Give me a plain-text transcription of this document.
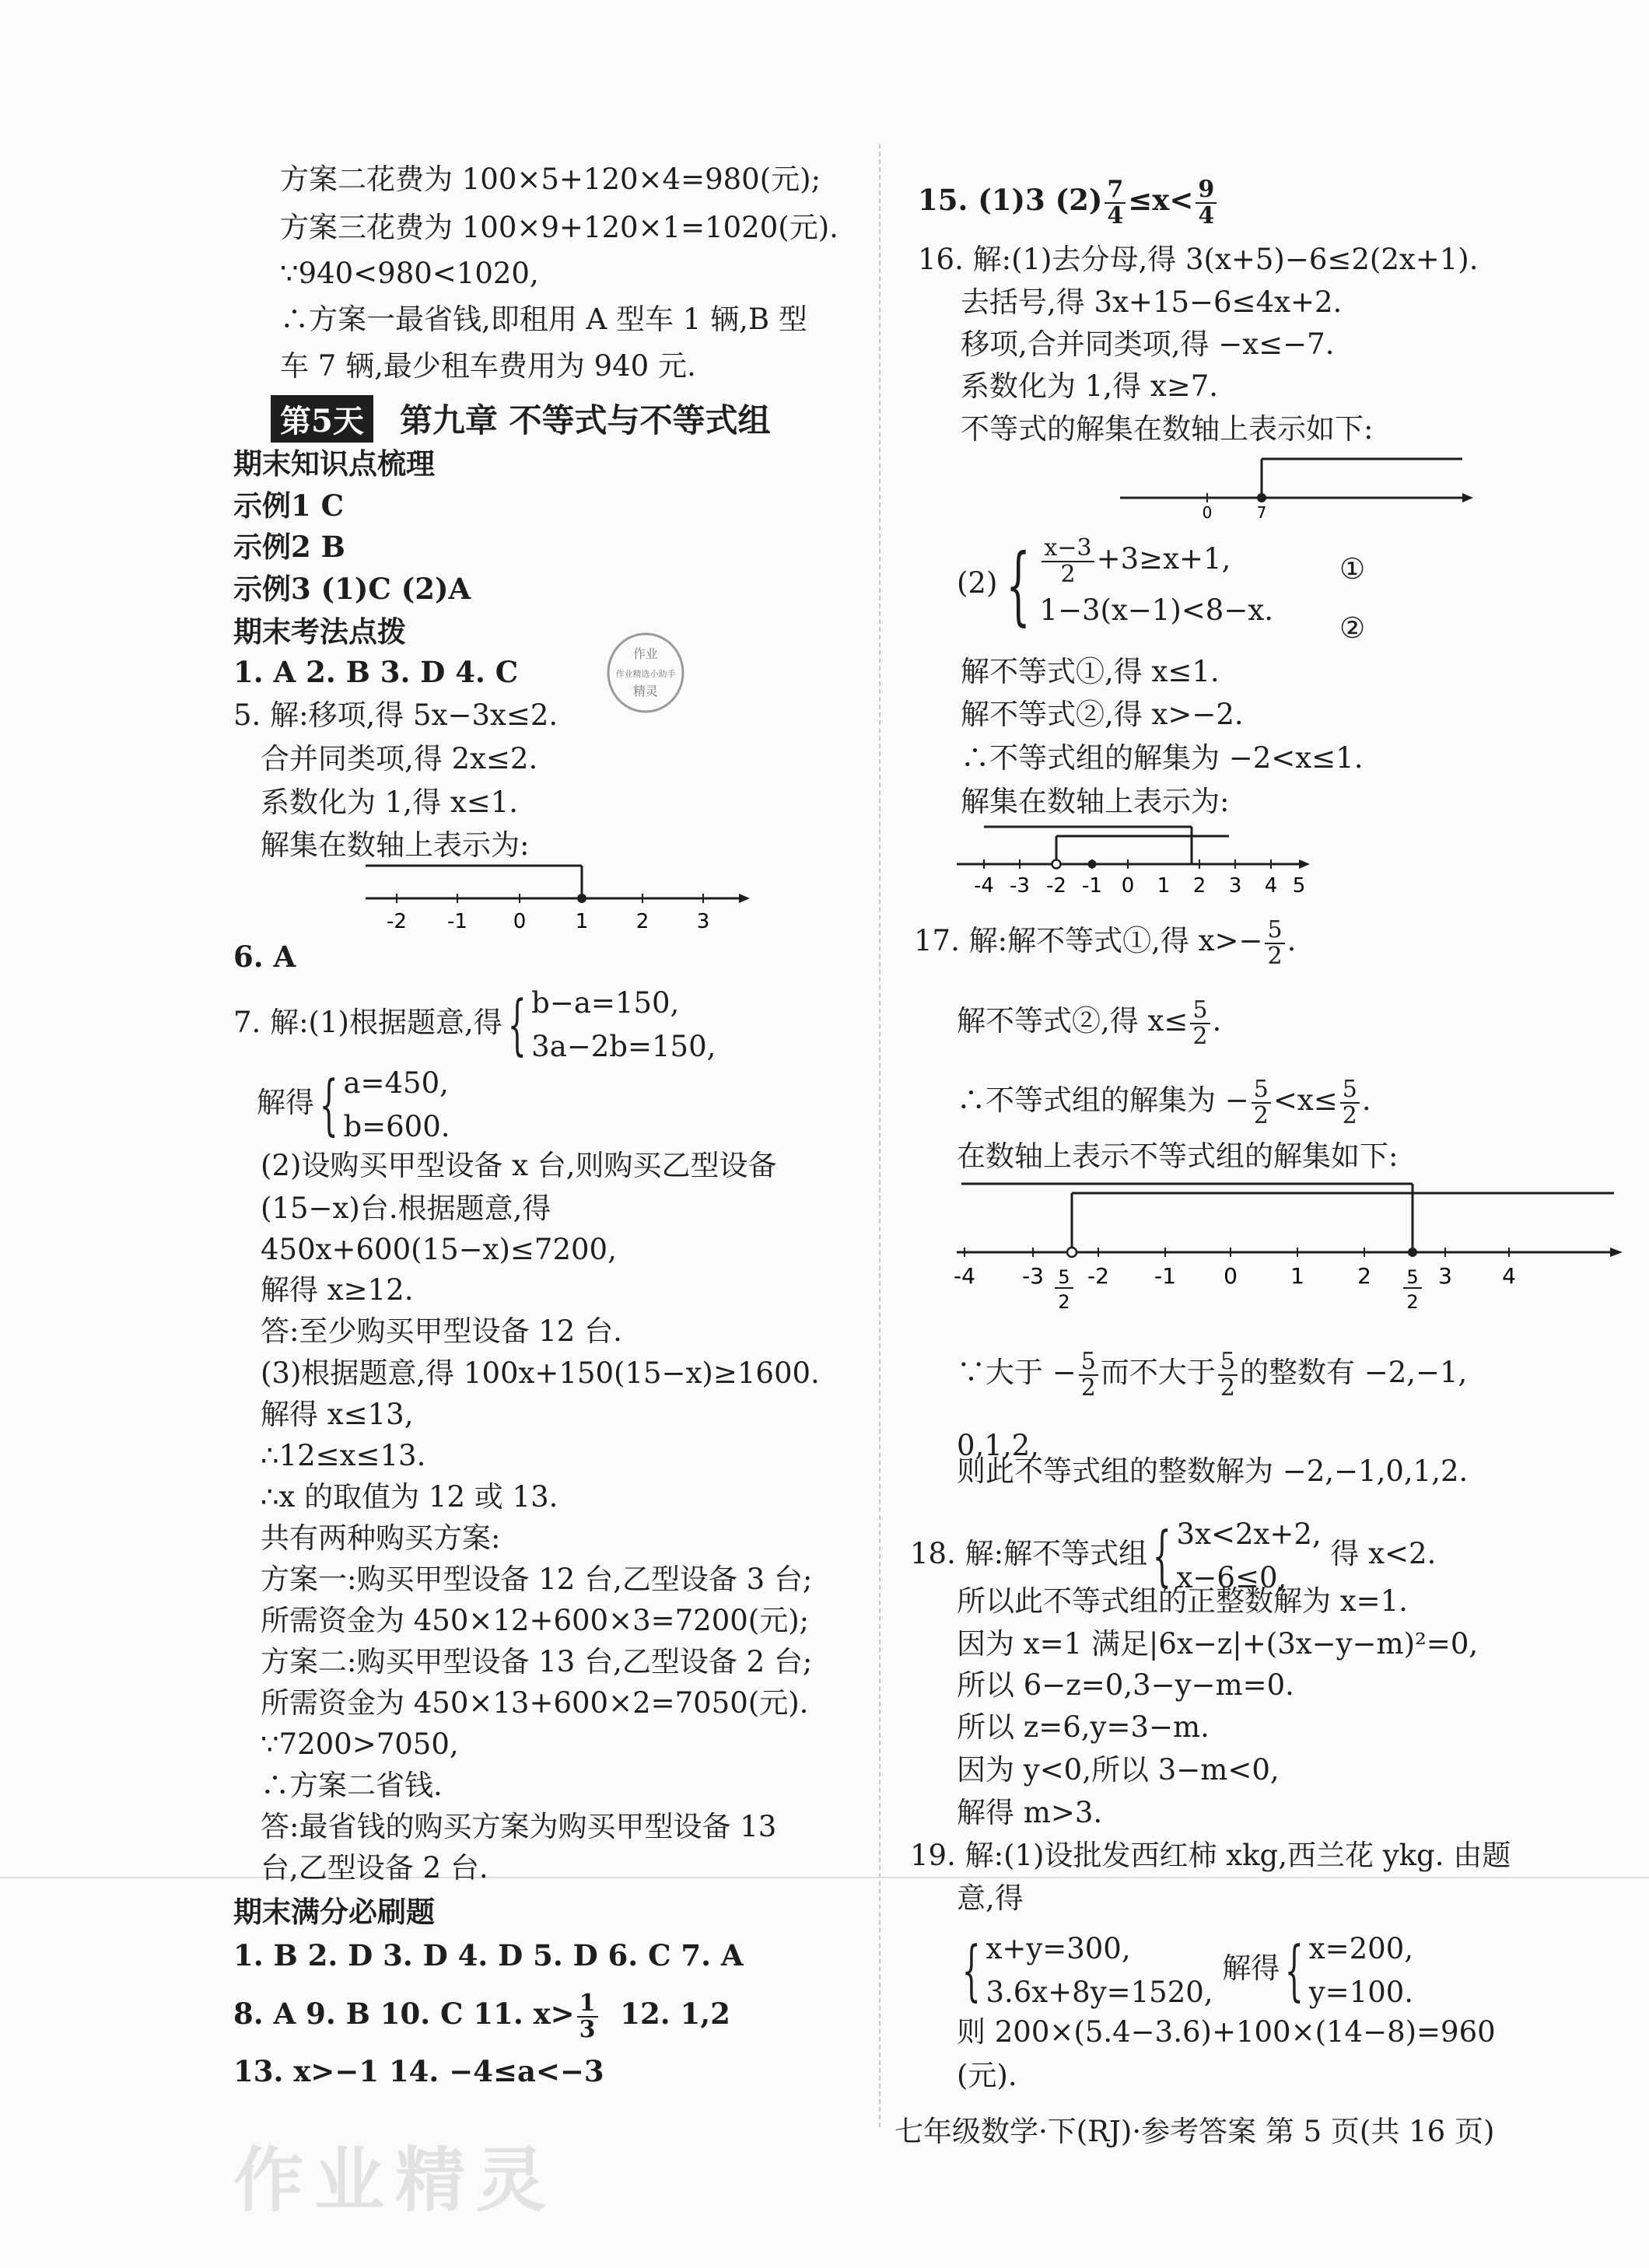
方案二花费为 100×5+120×4=980(元);
方案三花费为 100×9+120×1=1020(元).
∵940<980<1020,
∴方案一最省钱,即租用 A 型车 1 辆,B 型
车 7 辆,最少租车费用为 940 元.
第5天 第九章 不等式与不等式组
期末知识点梳理
示例1 C
示例2 B
示例3 (1)C (2)A
期末考法点拨
1. A 2. B 3. D 4. C
5. 解:移项,得 5x−3x≤2.
合并同类项,得 2x≤2.
系数化为 1,得 x≤1.
解集在数轴上表示为:
-2 -1 0 1 2 3
6. A
7. 解:(1)根据题意,得{ b−a=150,
3a−2b=150,
解得{ a=450,
b=600.
(2)设购买甲型设备 x 台,则购买乙型设备
(15−x)台.根据题意,得
450x+600(15−x)≤7200,
解得 x≥12.
答:至少购买甲型设备 12 台.
(3)根据题意,得 100x+150(15−x)≥1600.
解得 x≤13,
∴12≤x≤13.
∴x 的取值为 12 或 13.
共有两种购买方案:
方案一:购买甲型设备 12 台,乙型设备 3 台;
所需资金为 450×12+600×3=7200(元);
方案二:购买甲型设备 13 台,乙型设备 2 台;
所需资金为 450×13+600×2=7050(元).
∵7200>7050,
∴方案二省钱.
答:最省钱的购买方案为购买甲型设备 13
台,乙型设备 2 台.
期末满分必刷题
1. B 2. D 3. D 4. D 5. D 6. C 7. A
8. A 9. B 10. C 11. $x> \frac{1}{3} 12$. 1,2
13. x>−1 14. −4≤a<−3
作业
作业精选小助手
精灵
15. (1)3 $(2) \frac{7}{4} \le x< \frac{9}{4}$
16. 解:(1)去分母,得 3(x+5)−6≤2(2x+1).
去括号,得 3x+15−6≤4x+2.
移项,合并同类项,得 −x≤−7.
系数化为 1,得 x≥7.
不等式的解集在数轴上表示如下:
0	7
(2) { $\frac{x-3}{2} +3\ge x+1$,
1−3(x−1)<8−x.
①
②
解不等式①,得 x≤1.
解不等式②,得 x>−2.
∴不等式组的解集为 −2<x≤1.
解集在数轴上表示为:
-4 -3 -2 -1 0 1 2 3 4 5
17. 解:解不等式①,得 $x>- \frac{5}{2}$ .
解不等式②,得 $x\le \frac{5}{2}$ .
∴不等式组的解集为 − $\frac{5}{2} <x\le \frac{5}{2}$ .
在数轴上表示不等式组的解集如下:
-4 -3 -2 -1 0 1 2	3 4
5
2
5
2
∵大于 − $\frac{5}{2}$ 而不大于 $\frac{5}{2}$ 的整数有 −2,−1,
0,1,2,
则此不等式组的整数解为 −2,−1,0,1,2.
18. 解:解不等式组{ 3x<2x+2,
x−6≤0, 得 x<2.
所以此不等式组的正整数解为 x=1.
因为 x=1 满足|6x−z|+(3x−y−m)²=0,
所以 6−z=0,3−y−m=0.
所以 z=6,y=3−m.
因为 y<0,所以 3−m<0,
解得 m>3.
19. 解:(1)设批发西红柿 xkg,西兰花 ykg. 由题
意,得
{ x+y=300,
3.6x+8y=1520, 解得{ x=200,
y=100.
则 200×(5.4−3.6)+100×(14−8)=960
(元).
七年级数学·下(RJ)·参考答案 第 5 页(共 16 页)
作业精灵
